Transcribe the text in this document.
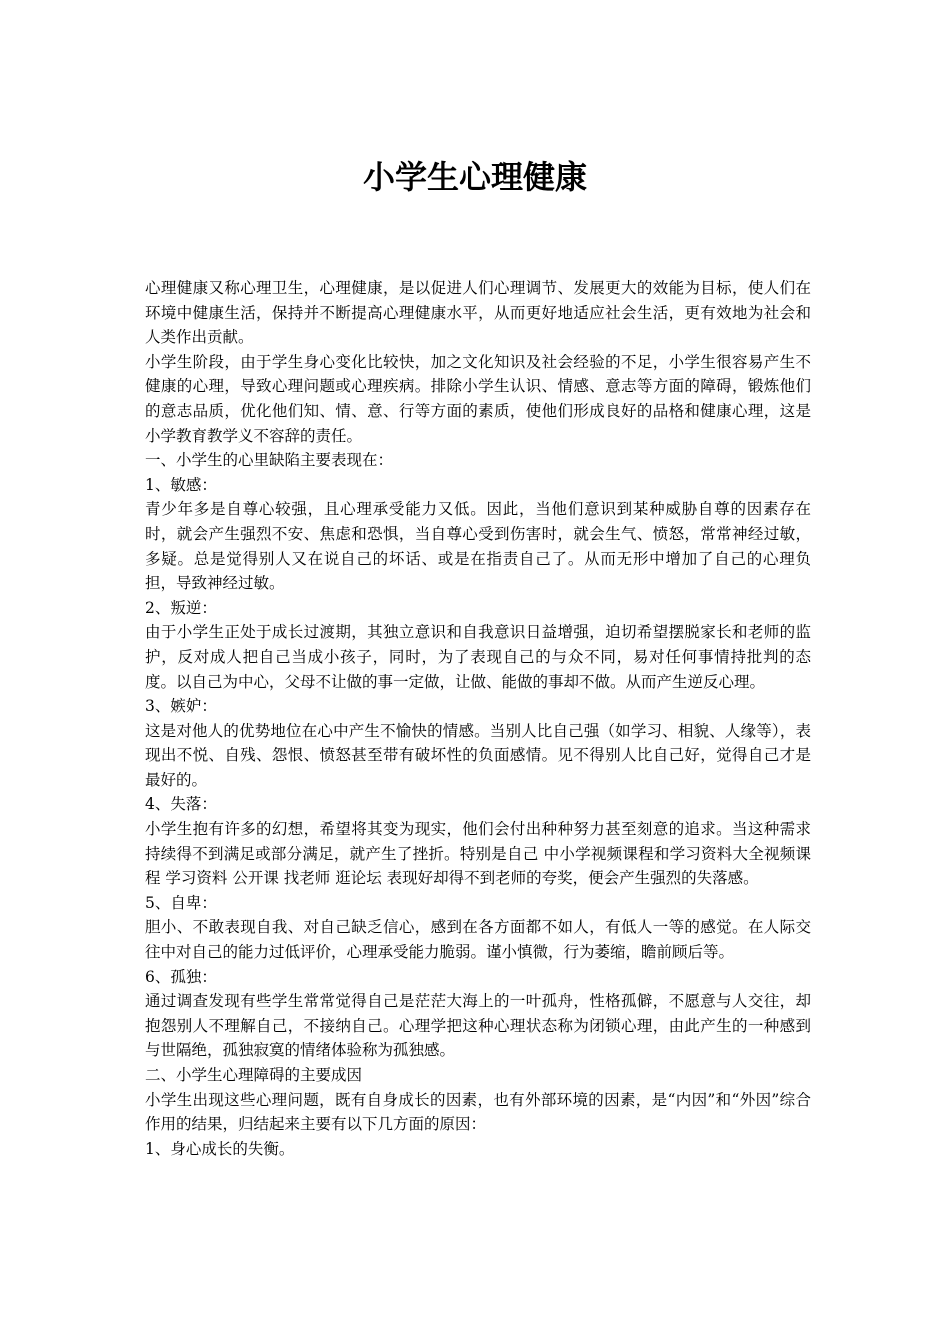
小学生心理健康

心理健康又称心理卫生，心理健康，是以促进人们心理调节、发展更大的效能为目标，使人们在环境中健康生活，保持并不断提高心理健康水平，从而更好地适应社会生活，更有效地为社会和人类作出贡献。

小学生阶段，由于学生身心变化比较快，加之文化知识及社会经验的不足，小学生很容易产生不健康的心理，导致心理问题或心理疾病。排除小学生认识、情感、意志等方面的障碍，锻炼他们的意志品质，优化他们知、情、意、行等方面的素质，使他们形成良好的品格和健康心理，这是小学教育教学义不容辞的责任。

一、小学生的心里缺陷主要表现在：

1、敏感：

青少年多是自尊心较强，且心理承受能力又低。因此，当他们意识到某种威胁自尊的因素存在时，就会产生强烈不安、焦虑和恐惧，当自尊心受到伤害时，就会生气、愤怒，常常神经过敏，多疑。总是觉得别人又在说自己的坏话、或是在指责自己了。从而无形中增加了自己的心理负担，导致神经过敏。

2、叛逆：

由于小学生正处于成长过渡期，其独立意识和自我意识日益增强，迫切希望摆脱家长和老师的监护，反对成人把自己当成小孩子，同时，为了表现自己的与众不同，易对任何事情持批判的态度。以自己为中心，父母不让做的事一定做，让做、能做的事却不做。从而产生逆反心理。

3、嫉妒：

这是对他人的优势地位在心中产生不愉快的情感。当别人比自己强（如学习、相貌、人缘等），表现出不悦、自残、怨恨、愤怒甚至带有破坏性的负面感情。见不得别人比自己好，觉得自己才是最好的。

4、失落：

小学生抱有许多的幻想，希望将其变为现实，他们会付出种种努力甚至刻意的追求。当这种需求持续得不到满足或部分满足，就产生了挫折。特别是自己 中小学视频课程和学习资料大全视频课程 学习资料 公开课 找老师 逛论坛 表现好却得不到老师的夸奖，便会产生强烈的失落感。

5、自卑：

胆小、不敢表现自我、对自己缺乏信心，感到在各方面都不如人，有低人一等的感觉。在人际交往中对自己的能力过低评价，心理承受能力脆弱。谨小慎微，行为萎缩，瞻前顾后等。

6、孤独：

通过调查发现有些学生常常觉得自己是茫茫大海上的一叶孤舟，性格孤僻，不愿意与人交往，却抱怨别人不理解自己，不接纳自己。心理学把这种心理状态称为闭锁心理，由此产生的一种感到与世隔绝，孤独寂寞的情绪体验称为孤独感。

二、小学生心理障碍的主要成因

小学生出现这些心理问题，既有自身成长的因素，也有外部环境的因素，是“内因”和“外因”综合作用的结果，归结起来主要有以下几方面的原因：

1、身心成长的失衡。
